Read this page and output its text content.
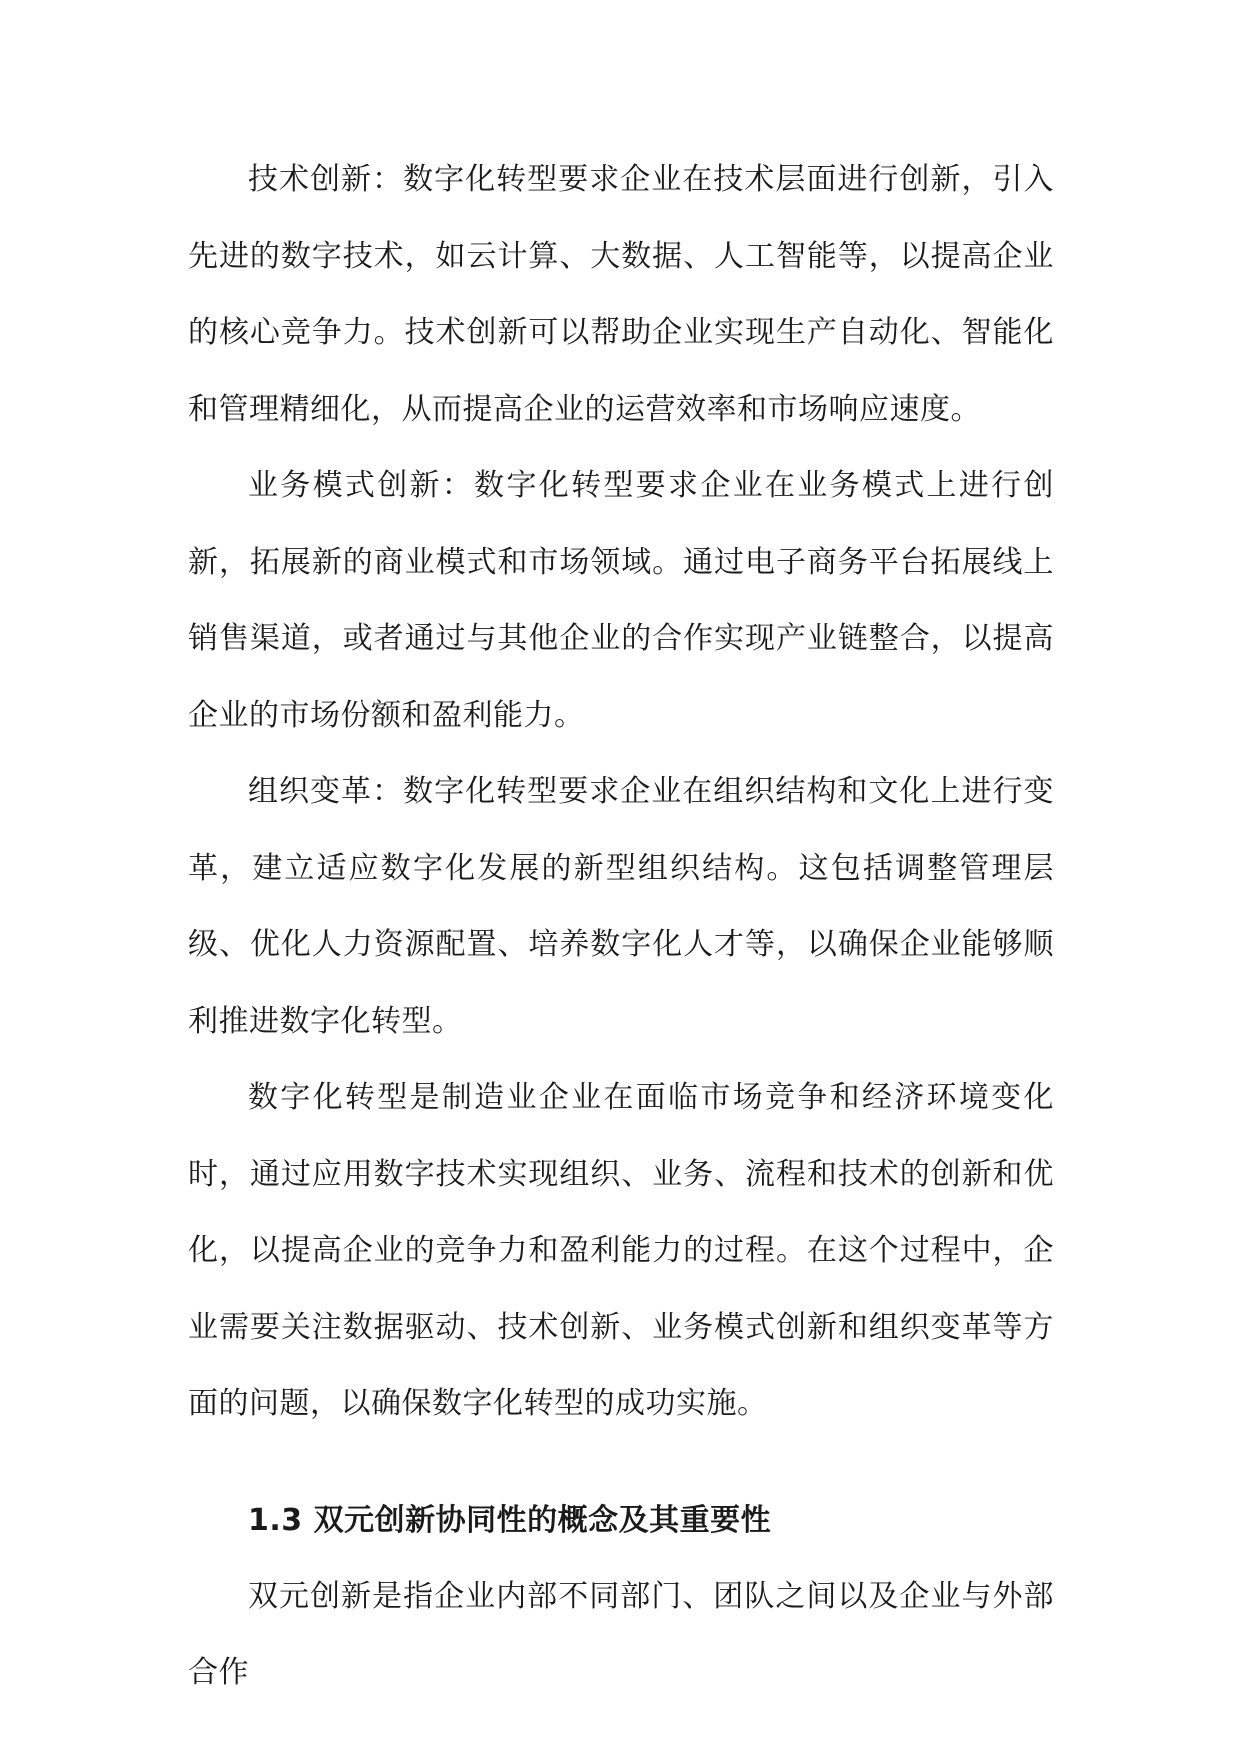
技术创新：数字化转型要求企业在技术层面进行创新，引入先进的数字技术，如云计算、大数据、人工智能等，以提高企业的核心竞争力。技术创新可以帮助企业实现生产自动化、智能化和管理精细化，从而提高企业的运营效率和市场响应速度。

业务模式创新：数字化转型要求企业在业务模式上进行创新，拓展新的商业模式和市场领域。通过电子商务平台拓展线上销售渠道，或者通过与其他企业的合作实现产业链整合，以提高企业的市场份额和盈利能力。

组织变革：数字化转型要求企业在组织结构和文化上进行变革，建立适应数字化发展的新型组织结构。这包括调整管理层级、优化人力资源配置、培养数字化人才等，以确保企业能够顺利推进数字化转型。

数字化转型是制造业企业在面临市场竞争和经济环境变化时，通过应用数字技术实现组织、业务、流程和技术的创新和优化，以提高企业的竞争力和盈利能力的过程。在这个过程中，企业需要关注数据驱动、技术创新、业务模式创新和组织变革等方面的问题，以确保数字化转型的成功实施。

1.3 双元创新协同性的概念及其重要性

双元创新是指企业内部不同部门、团队之间以及企业与外部合作
